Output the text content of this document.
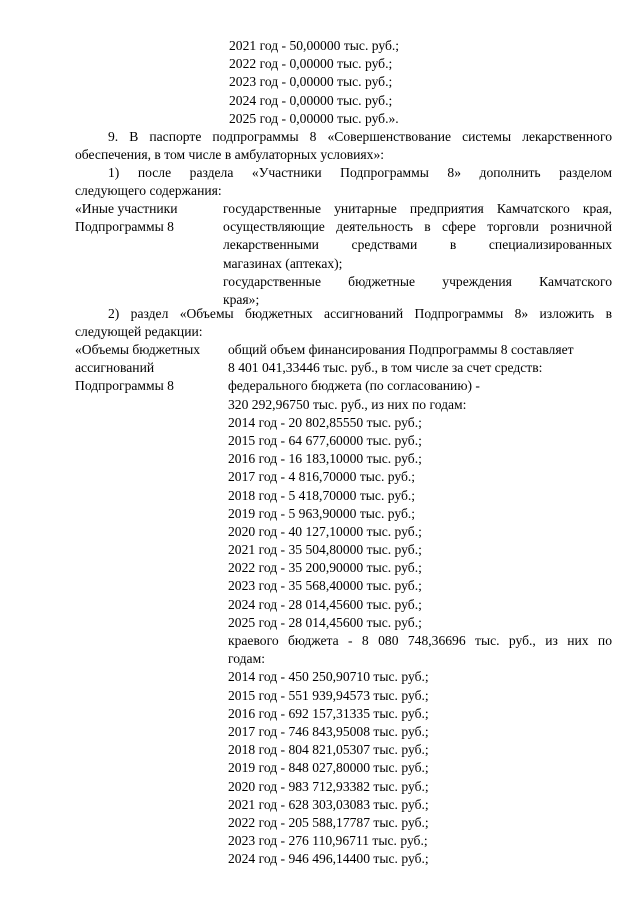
2021 год - 50,00000 тыс. руб.;
2022 год - 0,00000 тыс. руб.;
2023 год - 0,00000 тыс. руб.;
2024 год - 0,00000 тыс. руб.;
2025 год - 0,00000 тыс. руб.».
9. В паспорте подпрограммы 8 «Совершенствование системы лекарственного
обеспечения, в том числе в амбулаторных условиях»:
1) после раздела «Участники Подпрограммы 8» дополнить разделом
следующего содержания:
«Иные участники
Подпрограммы 8
государственные унитарные предприятия Камчатского края,
осуществляющие деятельность в сфере торговли розничной
лекарственными средствами в специализированных
магазинах (аптеках);
государственные бюджетные учреждения Камчатского
края»;
2) раздел «Объемы бюджетных ассигнований Подпрограммы 8» изложить в
следующей редакции:
«Объемы бюджетных
ассигнований
Подпрограммы 8
общий объем финансирования Подпрограммы 8 составляет
8 401 041,33446 тыс. руб., в том числе за счет средств:
федерального бюджета (по согласованию) -
320 292,96750 тыс. руб., из них по годам:
2014 год - 20 802,85550 тыс. руб.;
2015 год - 64 677,60000 тыс. руб.;
2016 год - 16 183,10000 тыс. руб.;
2017 год - 4 816,70000 тыс. руб.;
2018 год - 5 418,70000 тыс. руб.;
2019 год - 5 963,90000 тыс. руб.;
2020 год - 40 127,10000 тыс. руб.;
2021 год - 35 504,80000 тыс. руб.;
2022 год - 35 200,90000 тыс. руб.;
2023 год - 35 568,40000 тыс. руб.;
2024 год - 28 014,45600 тыс. руб.;
2025 год - 28 014,45600 тыс. руб.;
краевого бюджета - 8 080 748,36696 тыс. руб., из них по
годам:
2014 год - 450 250,90710 тыс. руб.;
2015 год - 551 939,94573 тыс. руб.;
2016 год - 692 157,31335 тыс. руб.;
2017 год - 746 843,95008 тыс. руб.;
2018 год - 804 821,05307 тыс. руб.;
2019 год - 848 027,80000 тыс. руб.;
2020 год - 983 712,93382 тыс. руб.;
2021 год - 628 303,03083 тыс. руб.;
2022 год - 205 588,17787 тыс. руб.;
2023 год - 276 110,96711 тыс. руб.;
2024 год - 946 496,14400 тыс. руб.;
